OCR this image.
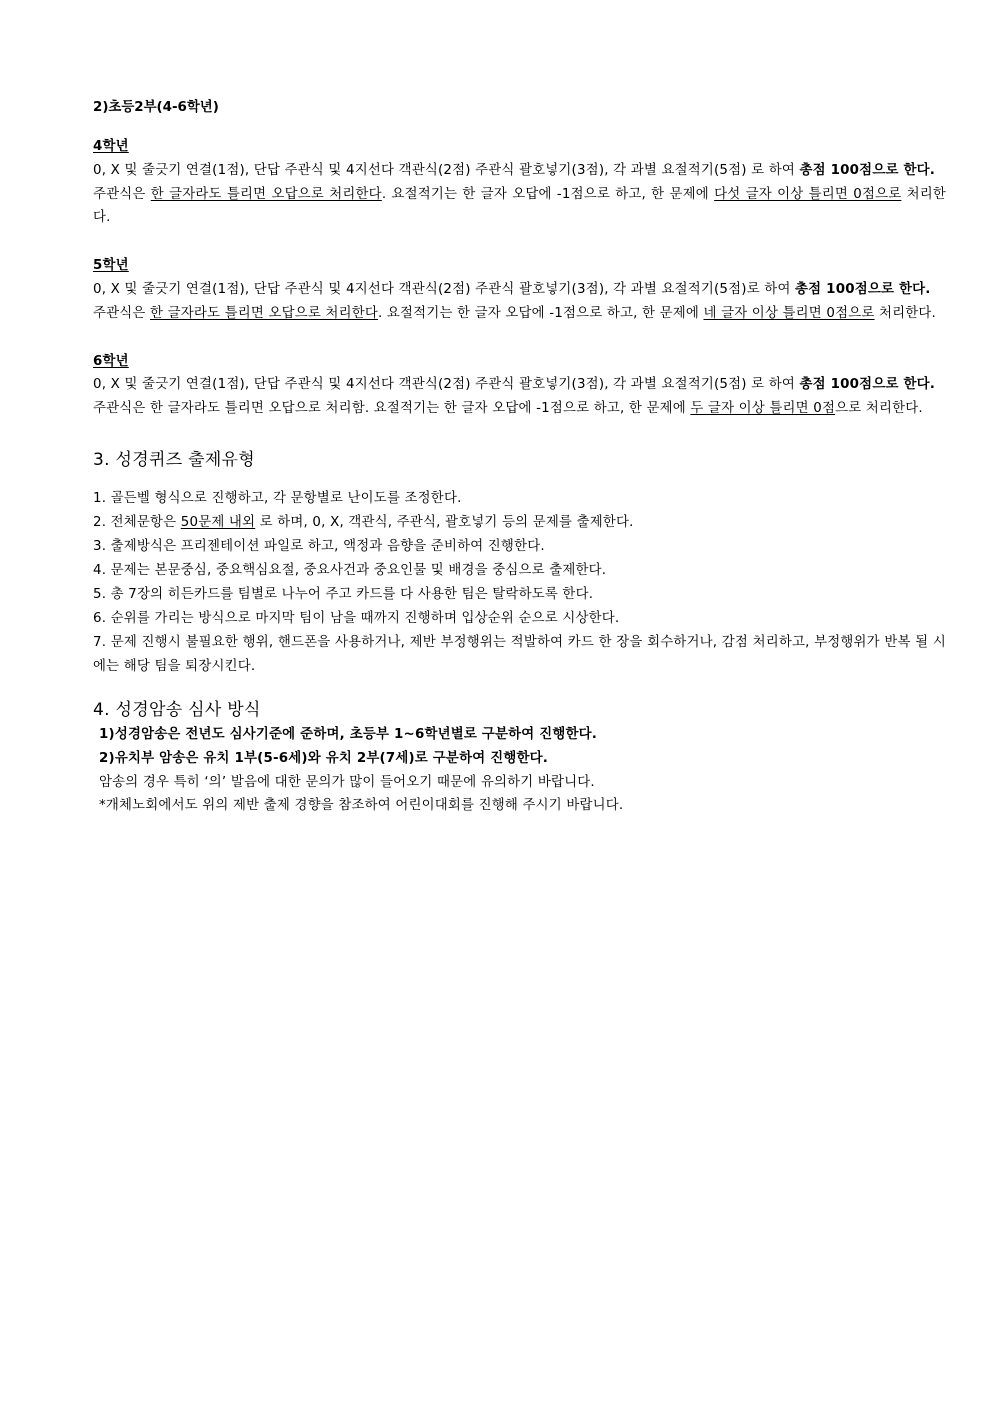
2)초등2부(4-6학년)

4학년

0, X 및 줄긋기 연결(1점), 단답 주관식 및 4지선다 객관식(2점) 주관식 괄호넣기(3점), 각 과별 요절적기(5점) 로 하여 총점 100점으로 한다.

주관식은 한 글자라도 틀리면 오답으로 처리한다. 요절적기는 한 글자 오답에 -1점으로 하고, 한 문제에 다섯 글자 이상 틀리면 0점으로 처리한다.

5학년

0, X 및 줄긋기 연결(1점), 단답 주관식 및 4지선다 객관식(2점) 주관식 괄호넣기(3점), 각 과별 요절적기(5점)로 하여 총점 100점으로 한다.

주관식은 한 글자라도 틀리면 오답으로 처리한다. 요절적기는 한 글자 오답에 -1점으로 하고, 한 문제에 네 글자 이상 틀리면 0점으로 처리한다.

6학년

0, X 및 줄긋기 연결(1점), 단답 주관식 및 4지선다 객관식(2점) 주관식 괄호넣기(3점), 각 과별 요절적기(5점) 로 하여 총점 100점으로 한다.

주관식은 한 글자라도 틀리면 오답으로 처리함. 요절적기는 한 글자 오답에 -1점으로 하고, 한 문제에 두 글자 이상 틀리면 0점으로 처리한다.

3. 성경퀴즈 출제유형

1. 골든벨 형식으로 진행하고, 각 문항별로 난이도를 조정한다.

2. 전체문항은 50문제 내외 로 하며, 0, X, 객관식, 주관식, 괄호넣기 등의 문제를 출제한다.

3. 출제방식은 프리젠테이션 파일로 하고, 액정과 음향을 준비하여 진행한다.

4. 문제는 본문중심, 중요핵심요절, 중요사건과 중요인물 및 배경을 중심으로 출제한다.

5. 총 7장의 히든카드를 팀별로 나누어 주고 카드를 다 사용한 팀은 탈락하도록 한다.

6. 순위를 가리는 방식으로 마지막 팀이 남을 때까지 진행하며 입상순위 순으로 시상한다.

7. 문제 진행시 불필요한 행위, 핸드폰을 사용하거나, 제반 부정행위는 적발하여 카드 한 장을 회수하거나, 감점 처리하고, 부정행위가 반복 될 시에는 해당 팀을 퇴장시킨다.

4. 성경암송 심사 방식

1)성경암송은 전년도 심사기준에 준하며, 초등부 1~6학년별로 구분하여 진행한다.

2)유치부 암송은 유치 1부(5-6세)와 유치 2부(7세)로 구분하여 진행한다.

암송의 경우 특히 ‘의’ 발음에 대한 문의가 많이 들어오기 때문에 유의하기 바랍니다.

*개체노회에서도 위의 제반 출제 경향을 참조하여 어린이대회를 진행해 주시기 바랍니다.
